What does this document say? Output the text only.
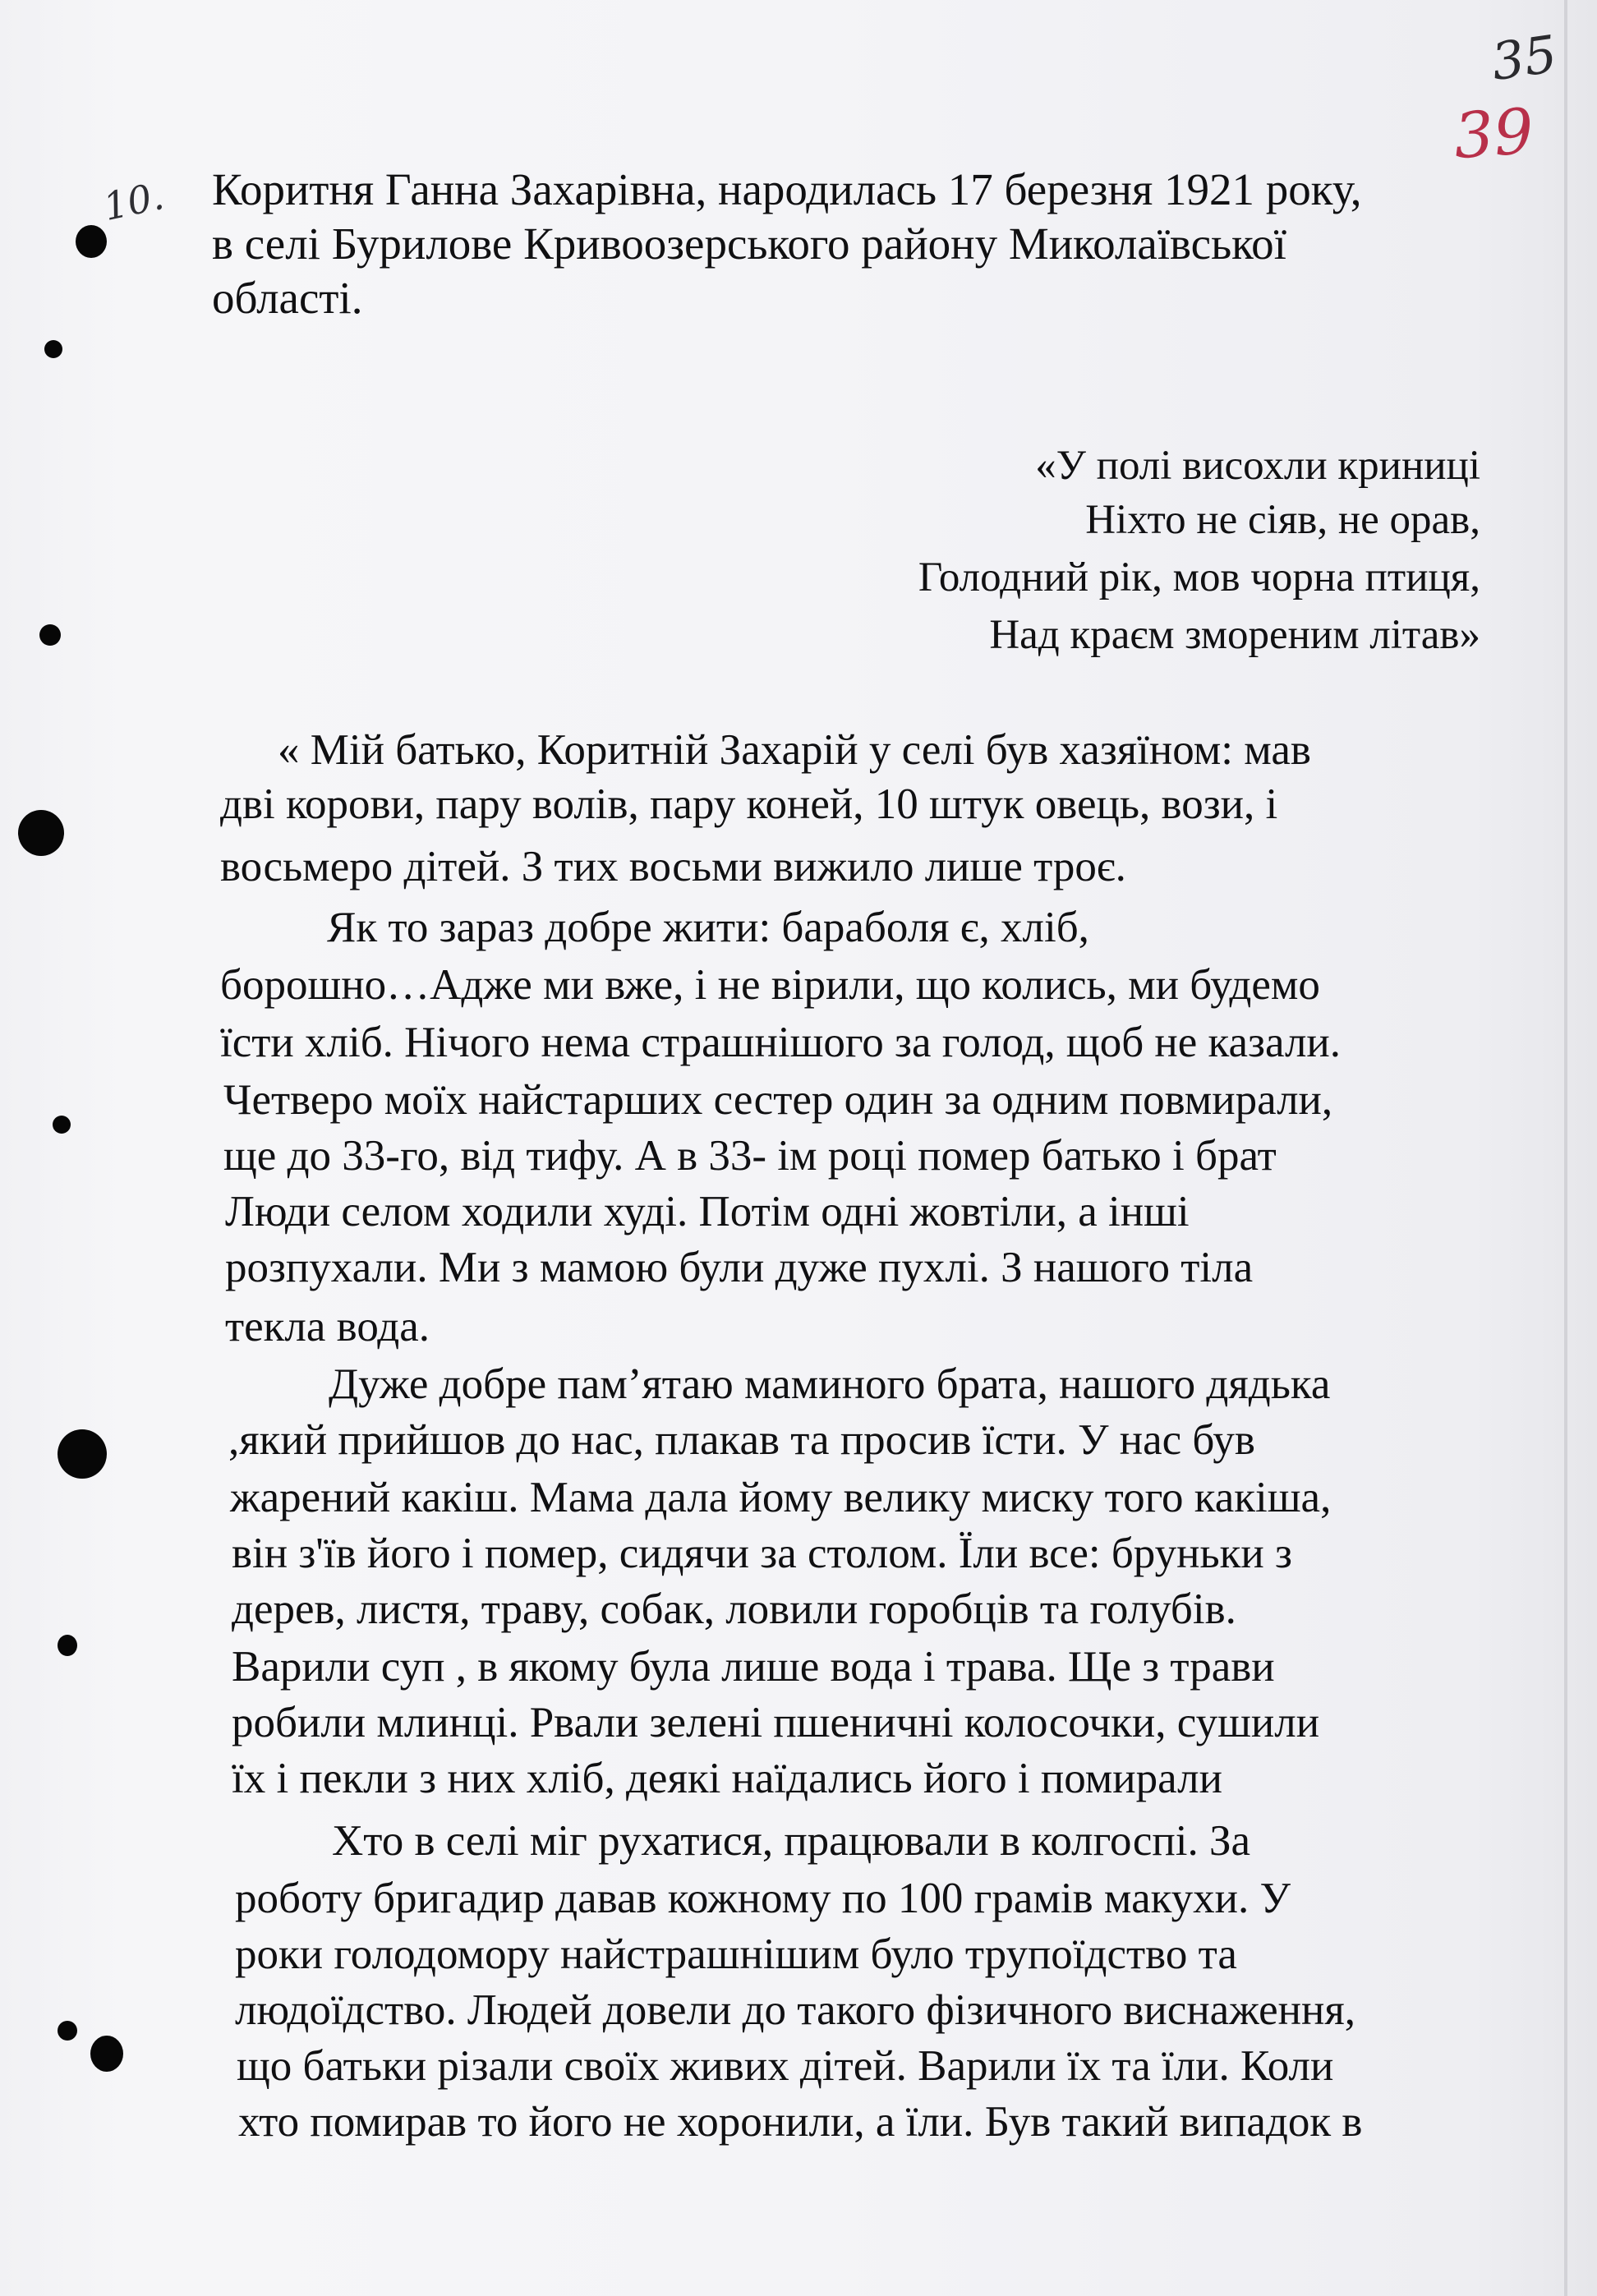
35
39
10. Коритня Ганна Захарівна, народилась 17 березня 1921 року,
в селі Бурилове Кривоозерського району Миколаївської
області.
«У полі висохли криниці
Ніхто не сіяв, не орав,
Голодний рік, мов чорна птиця,
Над краєм змореним літав»
« Мій батько, Коритній Захарій у селі був хазяїном: мав
дві корови, пару волів, пару коней, 10 штук овець, вози, і
восьмеро дітей. З тих восьми вижило лише троє.
Як то зараз добре жити: бараболя є, хліб,
борошно…Адже ми вже, і не вірили, що колись, ми будемо
їсти хліб. Нічого нема страшнішого за голод, щоб не казали.
Четверо моїх найстарших сестер один за одним повмирали,
ще до 33-го, від тифу. А в 33- ім році помер батько і брат
Люди селом ходили худі. Потім одні жовтіли, а інші
розпухали. Ми з мамою були дуже пухлі. З нашого тіла
текла вода.
Дуже добре пам’ятаю маминого брата, нашого дядька
,який прийшов до нас, плакав та просив їсти. У нас був
жарений какіш. Мама дала йому велику миску того какіша,
він з'їв його і помер, сидячи за столом. Їли все: бруньки з
дерев, листя, траву, собак, ловили горобців та голубів.
Варили суп , в якому була лише вода і трава. Ще з трави
робили млинці. Рвали зелені пшеничні колосочки, сушили
їх і пекли з них хліб, деякі наїдались його і помирали
Хто в селі міг рухатися, працювали в колгоспі. За
роботу бригадир давав кожному по 100 грамів макухи. У
роки голодомору найстрашнішим було трупоїдство та
людоїдство. Людей довели до такого фізичного виснаження,
що батьки різали своїх живих дітей. Варили їх та їли. Коли
хто помирав то його не хоронили, а їли. Був такий випадок в
